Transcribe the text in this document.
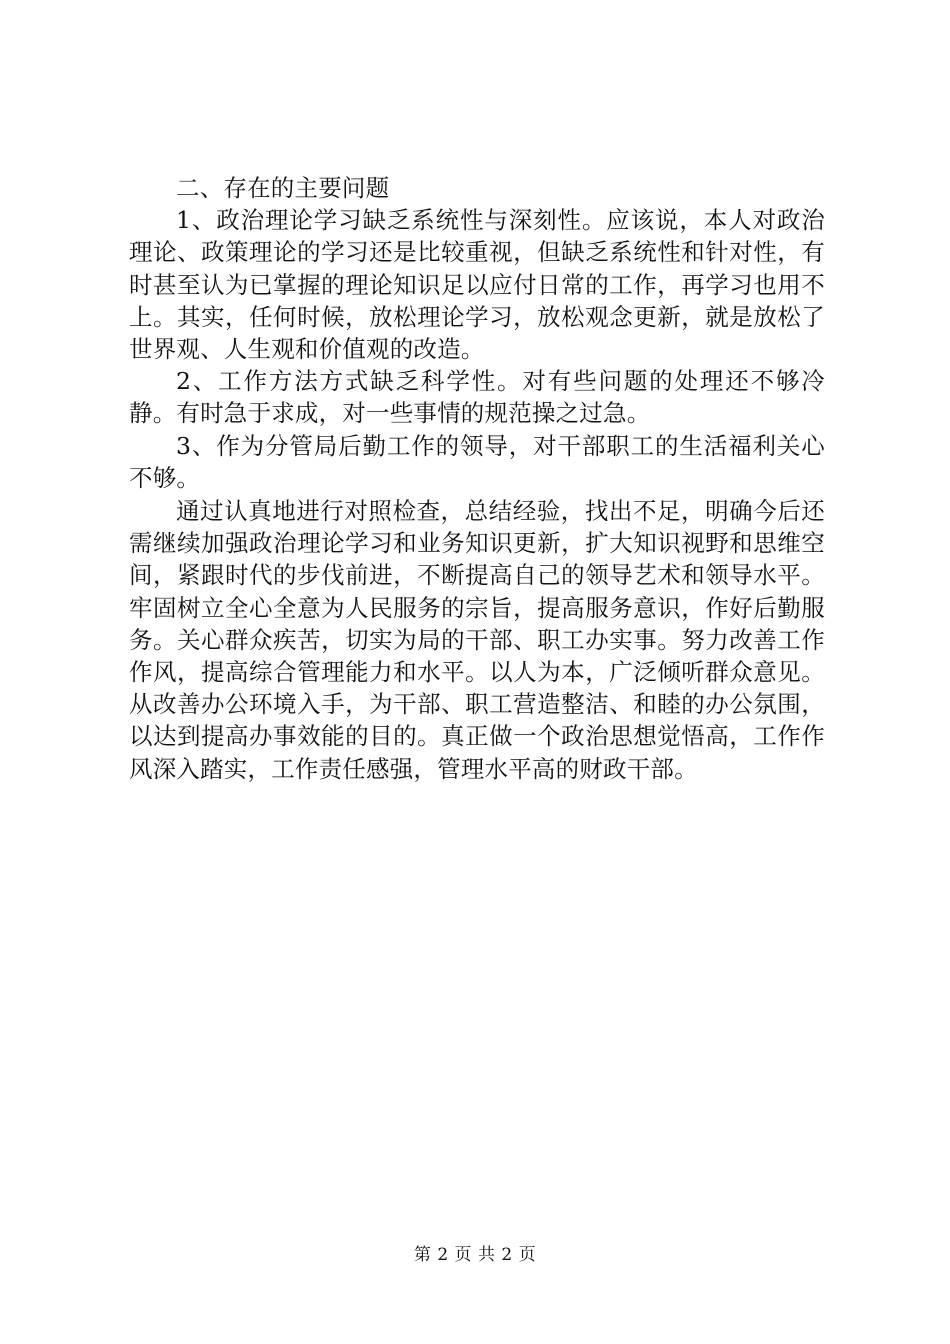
二、存在的主要问题

1、政治理论学习缺乏系统性与深刻性。应该说，本人对政治理论、政策理论的学习还是比较重视，但缺乏系统性和针对性，有时甚至认为已掌握的理论知识足以应付日常的工作，再学习也用不上。其实，任何时候，放松理论学习，放松观念更新，就是放松了世界观、人生观和价值观的改造。

2、工作方法方式缺乏科学性。对有些问题的处理还不够冷静。有时急于求成，对一些事情的规范操之过急。

3、作为分管局后勤工作的领导，对干部职工的生活福利关心不够。

通过认真地进行对照检查，总结经验，找出不足，明确今后还需继续加强政治理论学习和业务知识更新，扩大知识视野和思维空间，紧跟时代的步伐前进，不断提高自己的领导艺术和领导水平。牢固树立全心全意为人民服务的宗旨，提高服务意识，作好后勤服务。关心群众疾苦，切实为局的干部、职工办实事。努力改善工作作风，提高综合管理能力和水平。以人为本，广泛倾听群众意见。从改善办公环境入手，为干部、职工营造整洁、和睦的办公氛围，以达到提高办事效能的目的。真正做一个政治思想觉悟高，工作作风深入踏实，工作责任感强，管理水平高的财政干部。

第 2 页 共 2 页
